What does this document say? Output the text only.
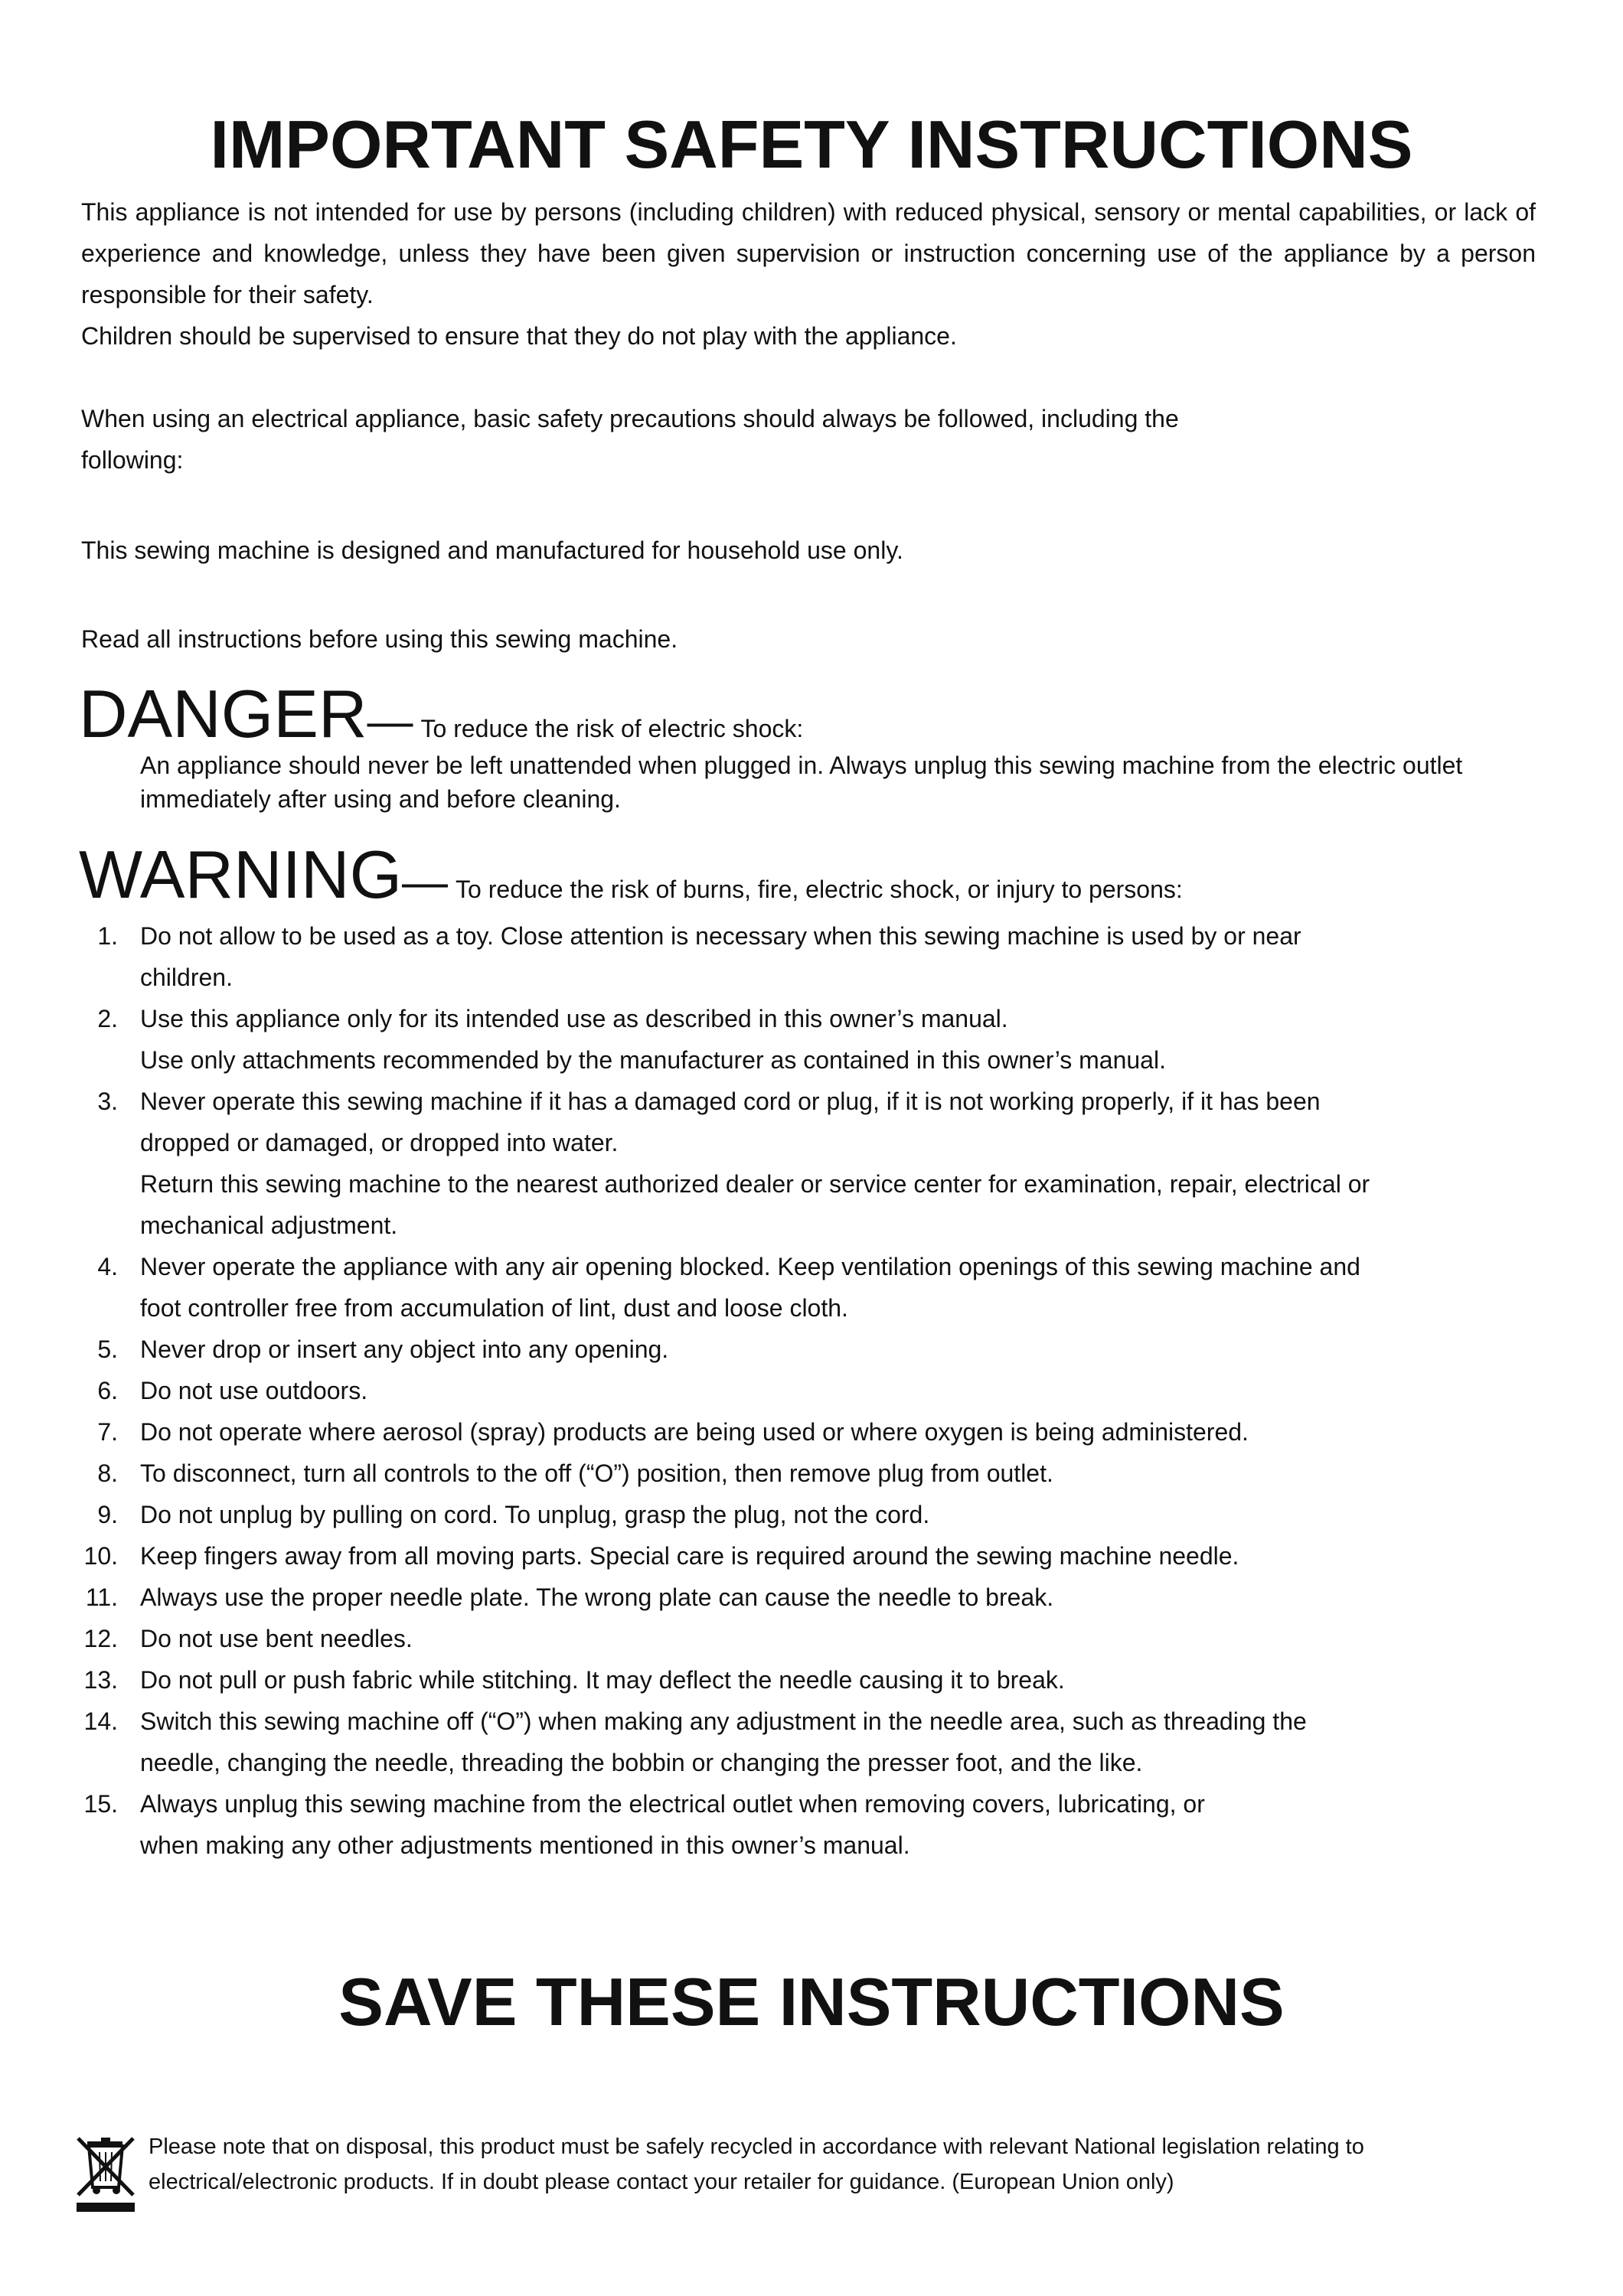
IMPORTANT SAFETY INSTRUCTIONS

This appliance is not intended for use by persons (including children) with reduced physical, sensory or mental capabilities, or lack of experience and knowledge, unless they have been given supervision or instruction concerning use of the appliance by a person responsible for their safety.

Children should be supervised to ensure that they do not play with the appliance.

When using an electrical appliance, basic safety precautions should always be followed, including the
following:

This sewing machine is designed and manufactured for household use only.

Read all instructions before using this sewing machine.

DANGER— To reduce the risk of electric shock:

An appliance should never be left unattended when plugged in. Always unplug this sewing machine from the electric outlet immediately after using and before cleaning.

WARNING— To reduce the risk of burns, fire, electric shock, or injury to persons:
1. Do not allow to be used as a toy. Close attention is necessary when this sewing machine is used by or near
children.
2. Use this appliance only for its intended use as described in this owner’s manual.
Use only attachments recommended by the manufacturer as contained in this owner’s manual.
3. Never operate this sewing machine if it has a damaged cord or plug, if it is not working properly, if it has been
dropped or damaged, or dropped into water.
Return this sewing machine to the nearest authorized dealer or service center for examination, repair, electrical or
mechanical adjustment.
4. Never operate the appliance with any air opening blocked. Keep ventilation openings of this sewing machine and
foot controller free from accumulation of lint, dust and loose cloth.
5. Never drop or insert any object into any opening.
6. Do not use outdoors.
7. Do not operate where aerosol (spray) products are being used or where oxygen is being administered.
8. To disconnect, turn all controls to the off (“O”) position, then remove plug from outlet.
9. Do not unplug by pulling on cord. To unplug, grasp the plug, not the cord.
10. Keep fingers away from all moving parts. Special care is required around the sewing machine needle.
11. Always use the proper needle plate. The wrong plate can cause the needle to break.
12. Do not use bent needles.
13. Do not pull or push fabric while stitching. It may deflect the needle causing it to break.
14. Switch this sewing machine off (“O”) when making any adjustment in the needle area, such as threading the
needle, changing the needle, threading the bobbin or changing the presser foot, and the like.
15. Always unplug this sewing machine from the electrical outlet when removing covers, lubricating, or
when making any other adjustments mentioned in this owner’s manual.
SAVE THESE INSTRUCTIONS
Please note that on disposal, this product must be safely recycled in accordance with relevant National legislation relating to
electrical/electronic products. If in doubt please contact your retailer for guidance. (European Union only)
